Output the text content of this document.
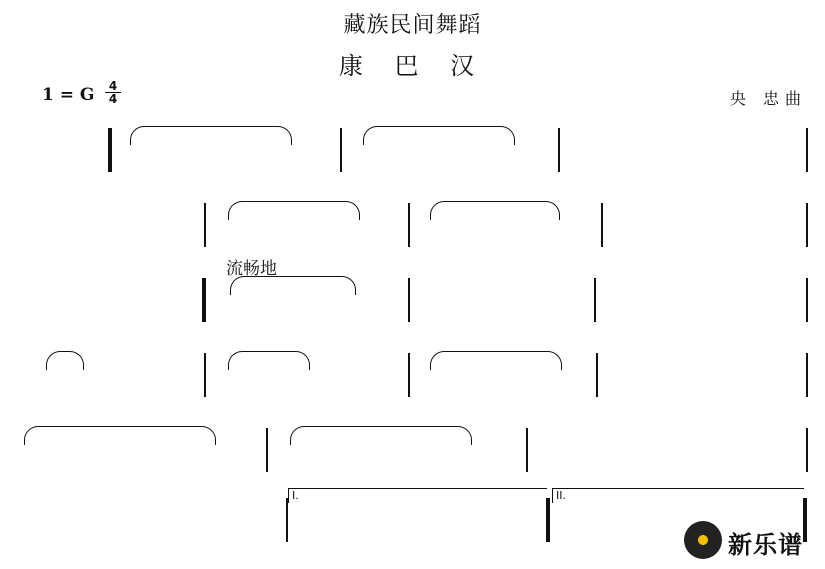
藏族民间舞蹈
康 巴 汉
1 = G $\frac{4}{4}$	央 忠曲
流畅地
I.	II.
新乐谱
